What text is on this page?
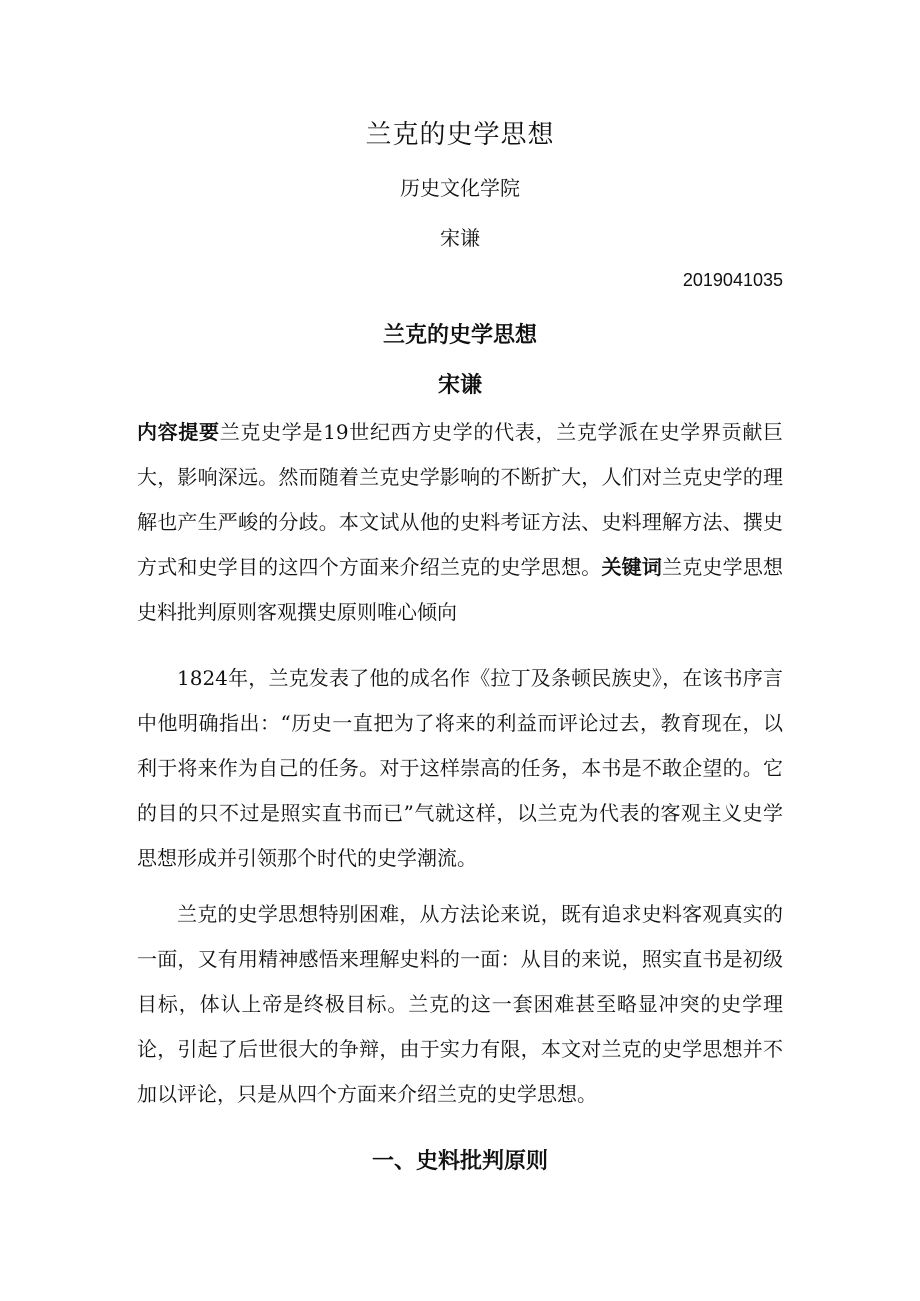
兰克的史学思想
历史文化学院
宋谦
2019041035
兰克的史学思想
宋谦

内容提要兰克史学是19世纪西方史学的代表，兰克学派在史学界贡献巨大，影响深远。然而随着兰克史学影响的不断扩大，人们对兰克史学的理解也产生严峻的分歧。本文试从他的史料考证方法、史料理解方法、撰史方式和史学目的这四个方面来介绍兰克的史学思想。关键词兰克史学思想史料批判原则客观撰史原则唯心倾向

1824年，兰克发表了他的成名作《拉丁及条顿民族史》，在该书序言中他明确指出：“历史一直把为了将来的利益而评论过去，教育现在，以利于将来作为自己的任务。对于这样崇高的任务，本书是不敢企望的。它的目的只不过是照实直书而已”气就这样，以兰克为代表的客观主义史学思想形成并引领那个时代的史学潮流。

兰克的史学思想特别困难，从方法论来说，既有追求史料客观真实的一面，又有用精神感悟来理解史料的一面：从目的来说，照实直书是初级目标，体认上帝是终极目标。兰克的这一套困难甚至略显冲突的史学理论，引起了后世很大的争辩，由于实力有限，本文对兰克的史学思想并不加以评论，只是从四个方面来介绍兰克的史学思想。

一、史料批判原则
